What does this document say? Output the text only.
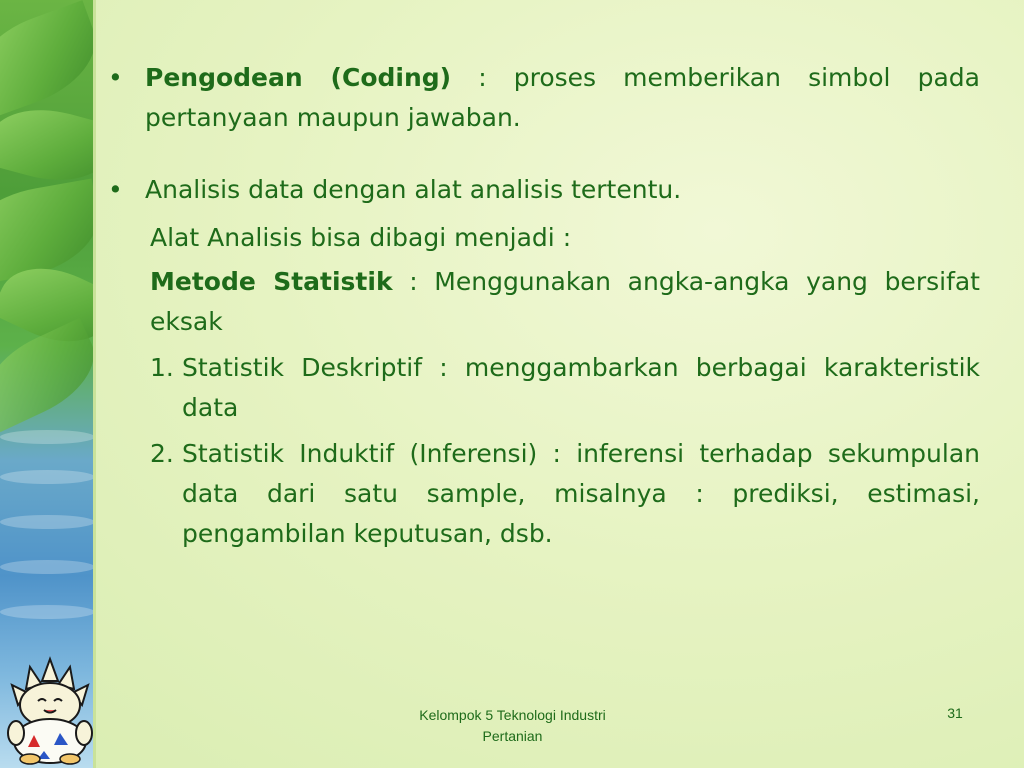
• Pengodean (Coding) : proses memberikan simbol pada pertanyaan maupun jawaban.
• Analisis data dengan alat analisis tertentu.
Alat Analisis bisa dibagi menjadi :
Metode Statistik : Menggunakan angka-angka yang bersifat eksak
1. Statistik Deskriptif : menggambarkan berbagai karakteristik data
2. Statistik Induktif (Inferensi) : inferensi terhadap sekumpulan data dari satu sample, misalnya : prediksi, estimasi, pengambilan keputusan, dsb.
Kelompok 5 Teknologi Industri Pertanian
31
